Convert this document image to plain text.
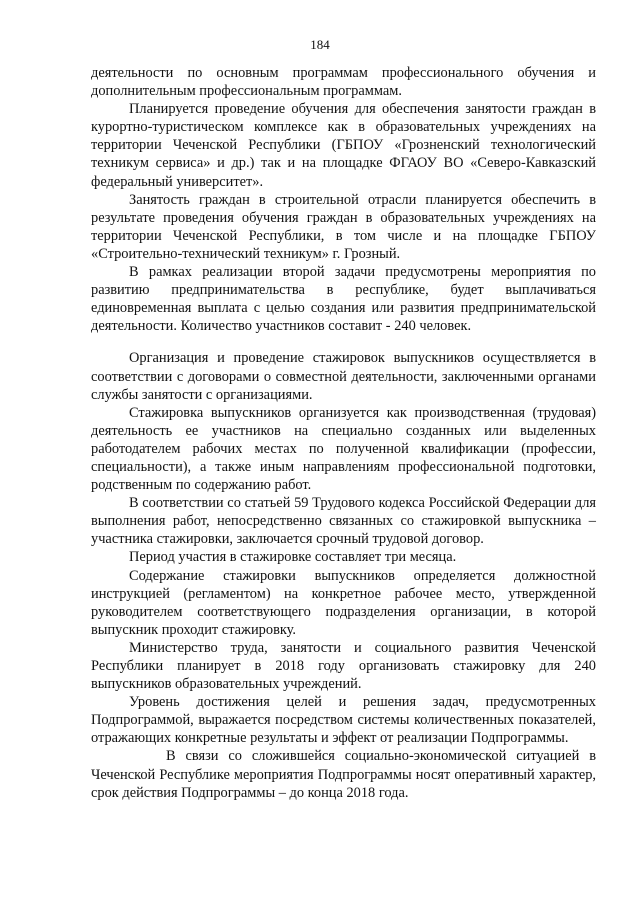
184

деятельности по основным программам профессионального обучения и дополнительным профессиональным программам.

Планируется проведение обучения для обеспечения занятости граждан в курортно-туристическом комплексе как в образовательных учреждениях на территории Чеченской Республики (ГБПОУ «Грозненский технологический техникум сервиса» и др.) так и на площадке ФГАОУ ВО «Северо-Кавказский федеральный университет».

Занятость граждан в строительной отрасли планируется обеспечить в результате проведения обучения граждан в образовательных учреждениях на территории Чеченской Республики, в том числе и на площадке ГБПОУ «Строительно-технический техникум» г. Грозный.

В рамках реализации второй задачи предусмотрены мероприятия по развитию предпринимательства в республике, будет выплачиваться единовременная выплата с целью создания или развития предпринимательской деятельности. Количество участников составит - 240 человек.

Организация и проведение стажировок выпускников осуществляется в соответствии с договорами о совместной деятельности, заключенными органами службы занятости с организациями.

Стажировка выпускников организуется как производственная (трудовая) деятельность ее участников на специально созданных или выделенных работодателем рабочих местах по полученной квалификации (профессии, специальности), а также иным направлениям профессиональной подготовки, родственным по содержанию работ.

В соответствии со статьей 59 Трудового кодекса Российской Федерации для выполнения работ, непосредственно связанных со стажировкой выпускника – участника стажировки, заключается срочный трудовой договор.

Период участия в стажировке составляет три месяца.

Содержание стажировки выпускников определяется должностной инструкцией (регламентом) на конкретное рабочее место, утвержденной руководителем соответствующего подразделения организации, в которой выпускник проходит стажировку.

Министерство труда, занятости и социального развития Чеченской Республики планирует в 2018 году организовать стажировку для 240 выпускников образовательных учреждений.

Уровень достижения целей и решения задач, предусмотренных Подпрограммой, выражается посредством системы количественных показателей, отражающих конкретные результаты и эффект от реализации Подпрограммы.

В связи со сложившейся социально-экономической ситуацией в Чеченской Республике мероприятия Подпрограммы носят оперативный характер, срок действия Подпрограммы – до конца 2018 года.
